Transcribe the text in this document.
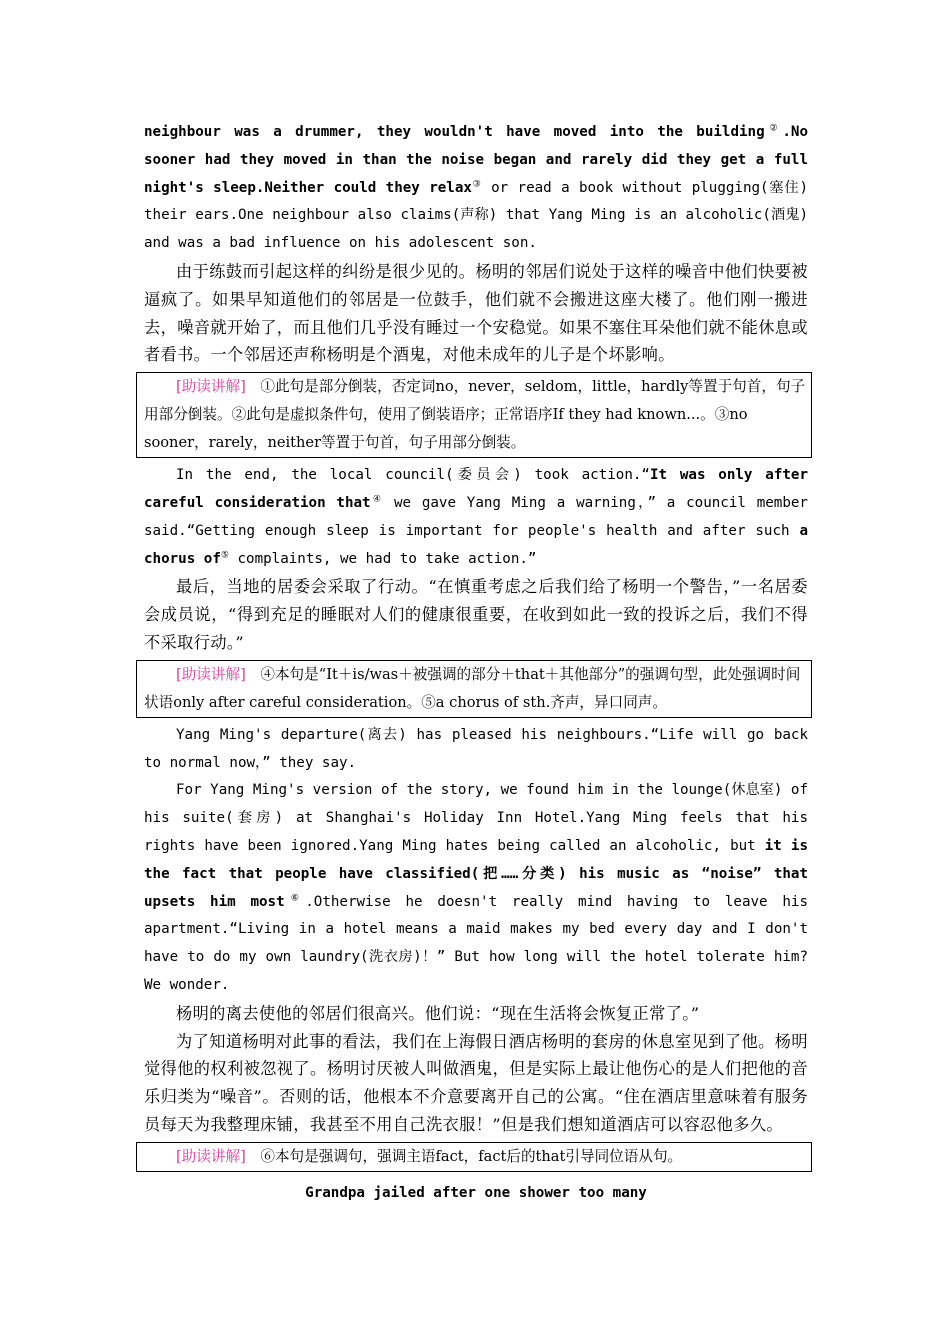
neighbour was a drummer, they wouldn't have moved into the building②.No sooner had they moved in than the noise began and rarely did they get a full night's sleep.Neither could they relax③ or read a book without plugging(塞住) their ears.One neighbour also claims(声称) that Yang Ming is an alcoholic(酒鬼) and was a bad influence on his adolescent son.

由于练鼓而引起这样的纠纷是很少见的。杨明的邻居们说处于这样的噪音中他们快要被逼疯了。如果早知道他们的邻居是一位鼓手，他们就不会搬进这座大楼了。他们刚一搬进去，噪音就开始了，而且他们几乎没有睡过一个安稳觉。如果不塞住耳朵他们就不能休息或者看书。一个邻居还声称杨明是个酒鬼，对他未成年的儿子是个坏影响。

[助读讲解]　①此句是部分倒装，否定词no，never，seldom，little，hardly等置于句首，句子用部分倒装。②此句是虚拟条件句，使用了倒装语序；正常语序If they had known...。③no sooner，rarely，neither等置于句首，句子用部分倒装。

In the end, the local council(委员会) took action.“It was only after careful consideration that④ we gave Yang Ming a warning，” a council member said.“Getting enough sleep is important for people's health and after such a chorus of⑤ complaints, we had to take action.”

最后，当地的居委会采取了行动。“在慎重考虑之后我们给了杨明一个警告，”一名居委会成员说，“得到充足的睡眠对人们的健康很重要，在收到如此一致的投诉之后，我们不得不采取行动。”

[助读讲解]　④本句是“It＋is/was＋被强调的部分＋that＋其他部分”的强调句型，此处强调时间状语only after careful consideration。⑤a chorus of sth.齐声，异口同声。

Yang Ming's departure(离去) has pleased his neighbours.“Life will go back to normal now，” they say.

For Yang Ming's version of the story, we found him in the lounge(休息室) of his suite(套房) at Shanghai's Holiday Inn Hotel.Yang Ming feels that his rights have been ignored.Yang Ming hates being called an alcoholic, but it is the fact that people have classified(把……分类) his music as “noise” that upsets him most⑥.Otherwise he doesn't really mind having to leave his apartment.“Living in a hotel means a maid makes my bed every day and I don't have to do my own laundry(洗衣房)！” But how long will the hotel tolerate him? We wonder.

杨明的离去使他的邻居们很高兴。他们说：“现在生活将会恢复正常了。”

为了知道杨明对此事的看法，我们在上海假日酒店杨明的套房的休息室见到了他。杨明觉得他的权利被忽视了。杨明讨厌被人叫做酒鬼，但是实际上最让他伤心的是人们把他的音乐归类为“噪音”。否则的话，他根本不介意要离开自己的公寓。“住在酒店里意味着有服务员每天为我整理床铺，我甚至不用自己洗衣服！”但是我们想知道酒店可以容忍他多久。

[助读讲解]　⑥本句是强调句，强调主语fact，fact后的that引导同位语从句。

Grandpa jailed after one shower too many
